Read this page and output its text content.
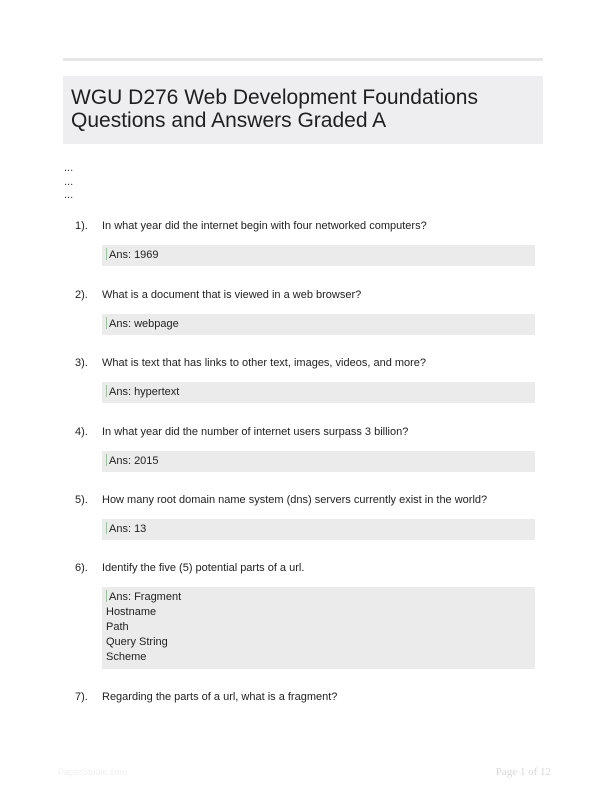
WGU D276 Web Development Foundations
Questions and Answers Graded A
...
...
...
1). In what year did the internet begin with four networked computers?
Ans: 1969
2). What is a document that is viewed in a web browser?
Ans: webpage
3). What is text that has links to other text, images, videos, and more?
Ans: hypertext
4). In what year did the number of internet users surpass 3 billion?
Ans: 2015
5). How many root domain name system (dns) servers currently exist in the world?
Ans: 13
6). Identify the five (5) potential parts of a url.
Ans: Fragment
Hostname
Path
Query String
Scheme
7). Regarding the parts of a url, what is a fragment?
PaperStudio.com	Page 1 of 12
